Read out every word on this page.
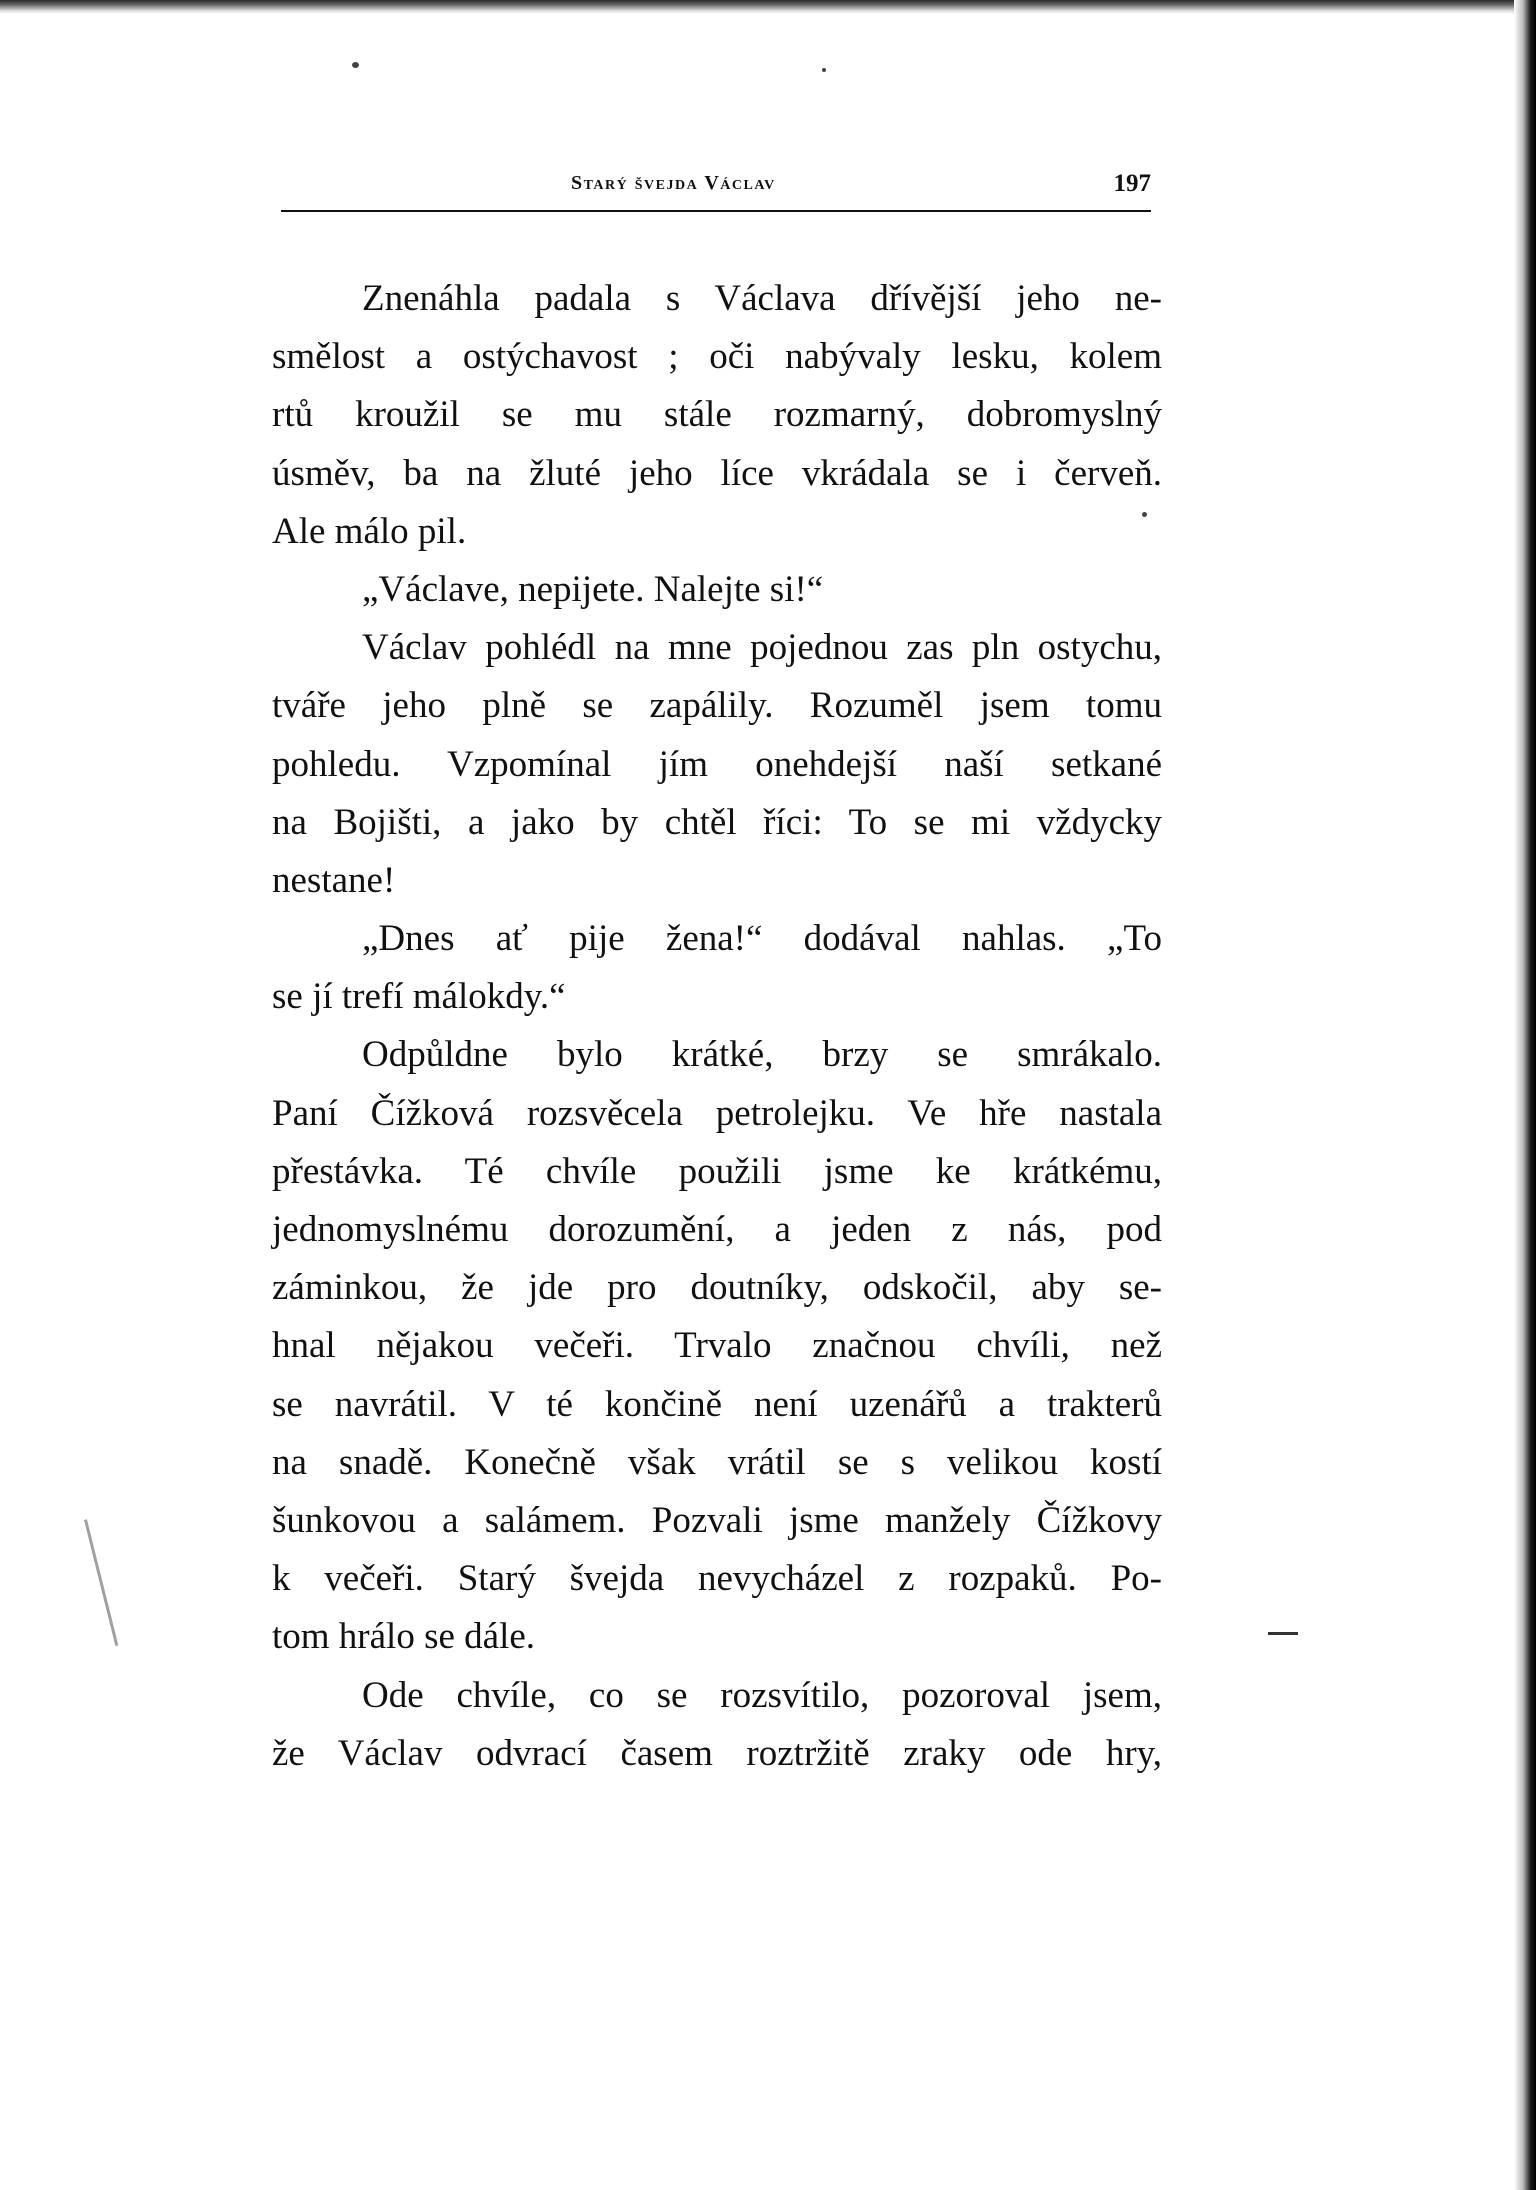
Starý švejda Václav	197
Znenáhla padala s Václava dřívější jeho ne-
smělost a ostýchavost ; oči nabývaly lesku, kolem
rtů kroužil se mu stále rozmarný, dobromyslný
úsměv, ba na žluté jeho líce vkrádala se i červeň.
Ale málo pil.
„Václave, nepijete. Nalejte si!“
Václav pohlédl na mne pojednou zas pln ostychu,
tváře jeho plně se zapálily. Rozuměl jsem tomu
pohledu. Vzpomínal jím onehdejší naší setkané
na Bojišti, a jako by chtěl říci: To se mi vždycky
nestane!
„Dnes ať pije žena!“ dodával nahlas. „To
se jí trefí málokdy.“
Odpůldne bylo krátké, brzy se smrákalo.
Paní Čížková rozsvěcela petrolejku. Ve hře nastala
přestávka. Té chvíle použili jsme ke krátkému,
jednomyslnému dorozumění, a jeden z nás, pod
záminkou, že jde pro doutníky, odskočil, aby se-
hnal nějakou večeři. Trvalo značnou chvíli, než
se navrátil. V té končině není uzenářů a trakterů
na snadě. Konečně však vrátil se s velikou kostí
šunkovou a salámem. Pozvali jsme manžely Čížkovy
k večeři. Starý švejda nevycházel z rozpaků. Po-
tom hrálo se dále.
Ode chvíle, co se rozsvítilo, pozoroval jsem,
že Václav odvrací časem roztržitě zraky ode hry,
